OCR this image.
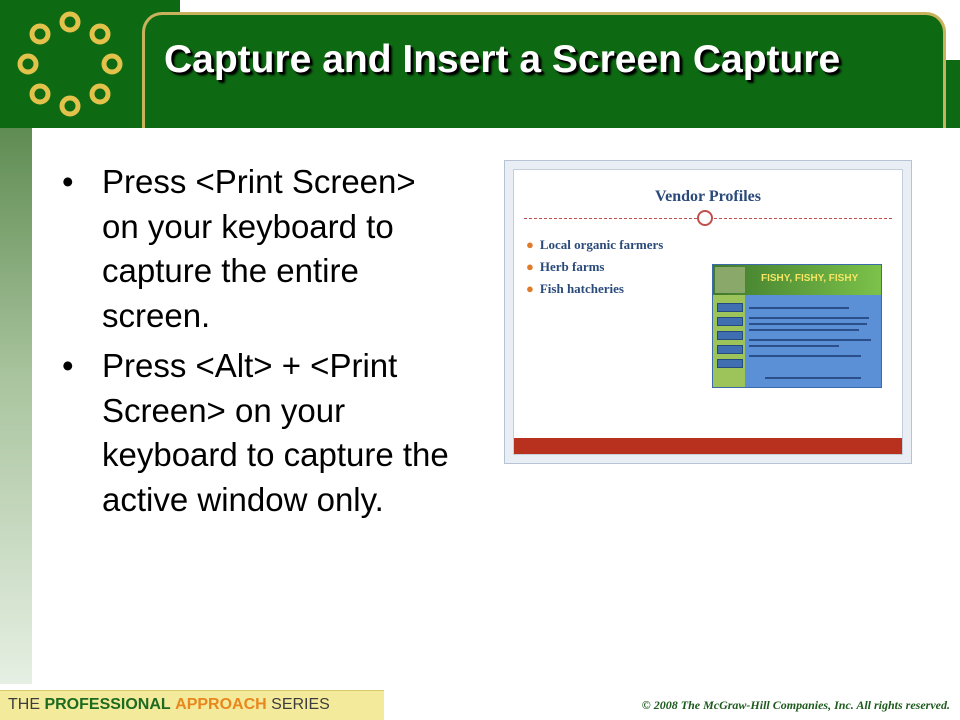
Capture and Insert a Screen Capture
• Press <Print Screen> on your keyboard to capture the entire screen.
• Press <Alt> + <Print Screen> on your keyboard to capture the active window only.
Vendor Profiles
● Local organic farmers
● Herb farms
● Fish hatcheries
FISHY, FISHY, FISHY
THE PROFESSIONAL APPROACH SERIES	© 2008 The McGraw-Hill Companies, Inc. All rights reserved.
